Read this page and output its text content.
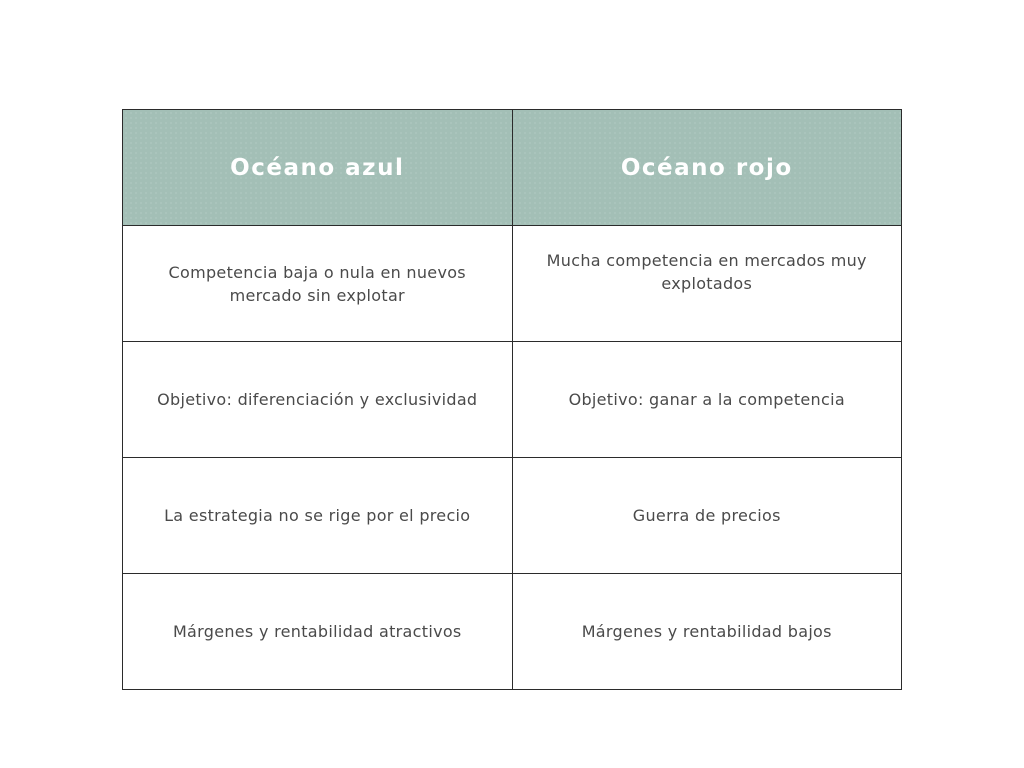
Océano azul	Océano rojo
Competencia baja o nula en nuevos mercado sin explotar	Mucha competencia en mercados muy explotados
Objetivo: diferenciación y exclusividad	Objetivo: ganar a la competencia
La estrategia no se rige por el precio	Guerra de precios
Márgenes y rentabilidad atractivos	Márgenes y rentabilidad bajos
